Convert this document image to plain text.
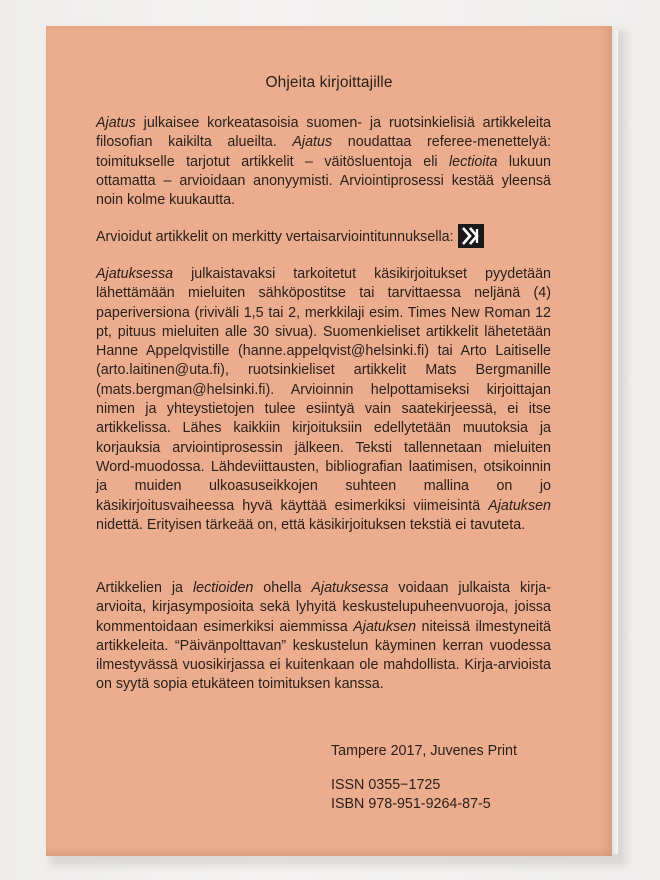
Ohjeita kirjoittajille

Ajatus julkaisee korkeatasoisia suomen- ja ruotsinkielisiä artikkeleita filosofian kaikilta alueilta. Ajatus noudattaa referee-menettelyä: toimitukselle tarjotut artikkelit – väitösluentoja eli lectioita lukuun ottamatta – arvioidaan anonyymisti. Arviointiprosessi kestää yleensä noin kolme kuukautta.

Arvioidut artikkelit on merkitty vertaisarviointitunnuksella:

Ajatuksessa julkaistavaksi tarkoitetut käsikirjoitukset pyydetään lähettämään mieluiten sähköpostitse tai tarvittaessa neljänä (4) paperiversiona (riviväli 1,5 tai 2, merkkilaji esim. Times New Roman 12 pt, pituus mieluiten alle 30 sivua). Suomenkieliset artikkelit lähetetään Hanne Appelqvistille (hanne.appelqvist@helsinki.fi) tai Arto Laitiselle (arto.laitinen@uta.fi), ruotsinkieliset artikkelit Mats Bergmanille (mats.bergman@helsinki.fi). Arvioinnin helpottamiseksi kirjoittajan nimen ja yhteystietojen tulee esiintyä vain saatekirjeessä, ei itse artikkelissa. Lähes kaikkiin kirjoituksiin edellytetään muutoksia ja korjauksia arviointiprosessin jälkeen. Teksti tallennetaan mieluiten Word-muodossa. Lähdeviittausten, bibliografian laatimisen, otsikoinnin ja muiden ulkoasuseikkojen suhteen mallina on jo käsikirjoitusvaiheessa hyvä käyttää esimerkiksi viimeisintä Ajatuksen nidettä. Erityisen tärkeää on, että käsikirjoituksen tekstiä ei tavuteta.

Artikkelien ja lectioiden ohella Ajatuksessa voidaan julkaista kirja-arvioita, kirjasymposioita sekä lyhyitä keskustelupuheenvuoroja, joissa kommentoidaan esimerkiksi aiemmissa Ajatuksen niteissä ilmestyneitä artikkeleita. “Päivänpolttavan” keskustelun käyminen kerran vuodessa ilmestyvässä vuosikirjassa ei kuitenkaan ole mahdollista. Kirja-arvioista on syytä sopia etukäteen toimituksen kanssa.

Tampere 2017, Juvenes Print

ISSN 0355−1725

ISBN 978-951-9264-87-5
